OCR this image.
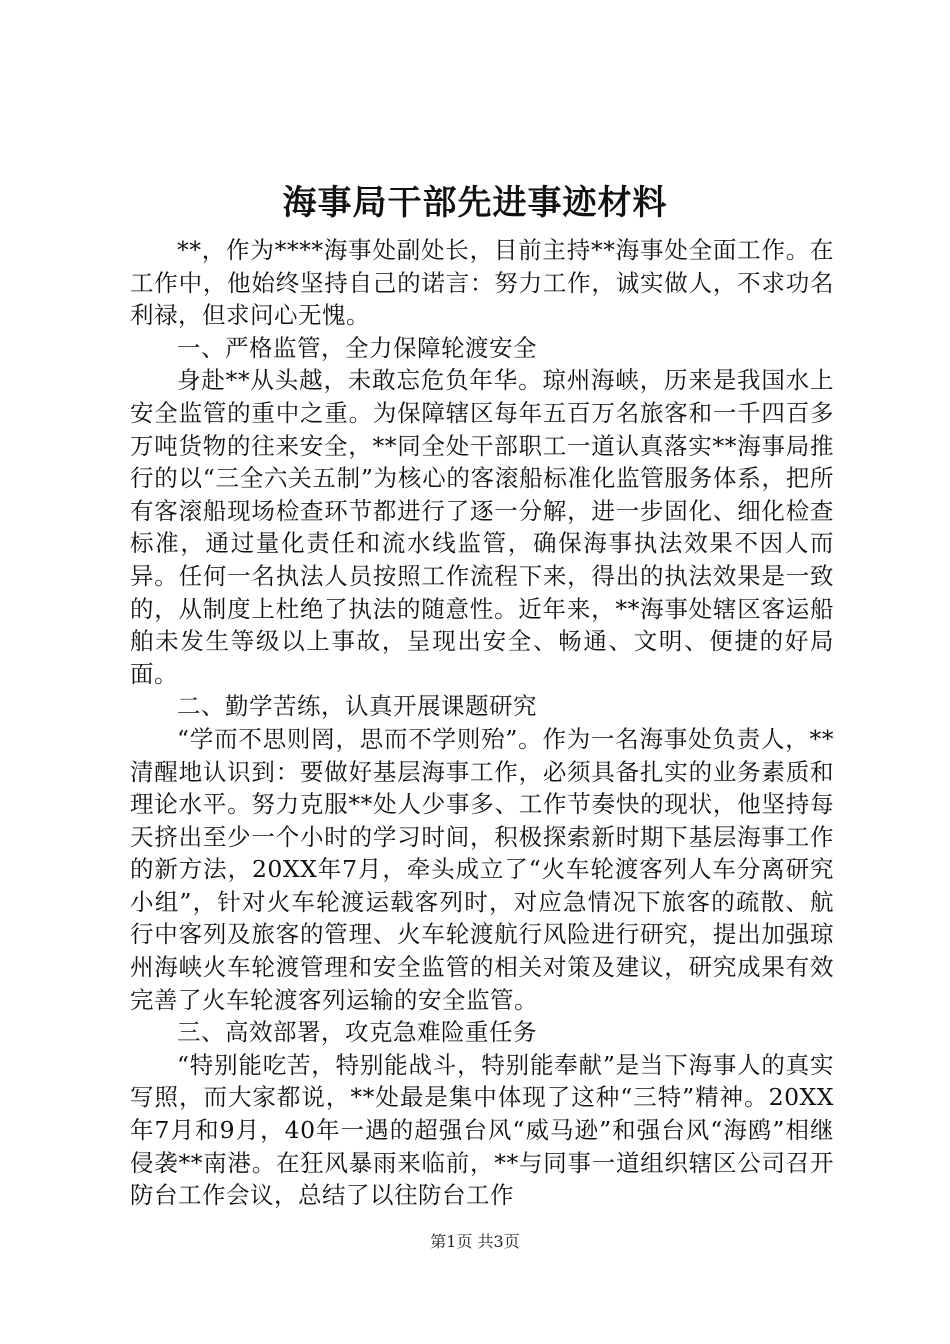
海事局干部先进事迹材料

**，作为****海事处副处长，目前主持**海事处全面工作。在工作中，他始终坚持自己的诺言：努力工作，诚实做人，不求功名利禄，但求问心无愧。

一、严格监管，全力保障轮渡安全

身赴**从头越，未敢忘危负年华。琼州海峡，历来是我国水上安全监管的重中之重。为保障辖区每年五百万名旅客和一千四百多万吨货物的往来安全，**同全处干部职工一道认真落实**海事局推行的以“三全六关五制”为核心的客滚船标准化监管服务体系，把所有客滚船现场检查环节都进行了逐一分解，进一步固化、细化检查标准，通过量化责任和流水线监管，确保海事执法效果不因人而异。任何一名执法人员按照工作流程下来，得出的执法效果是一致的，从制度上杜绝了执法的随意性。近年来，**海事处辖区客运船舶未发生等级以上事故，呈现出安全、畅通、文明、便捷的好局面。

二、勤学苦练，认真开展课题研究

“学而不思则罔，思而不学则殆”。作为一名海事处负责人，**清醒地认识到：要做好基层海事工作，必须具备扎实的业务素质和理论水平。努力克服**处人少事多、工作节奏快的现状，他坚持每天挤出至少一个小时的学习时间，积极探索新时期下基层海事工作的新方法，20XX年7月，牵头成立了“火车轮渡客列人车分离研究小组”，针对火车轮渡运载客列时，对应急情况下旅客的疏散、航行中客列及旅客的管理、火车轮渡航行风险进行研究，提出加强琼州海峡火车轮渡管理和安全监管的相关对策及建议，研究成果有效完善了火车轮渡客列运输的安全监管。

三、高效部署，攻克急难险重任务

“特别能吃苦，特别能战斗，特别能奉献”是当下海事人的真实写照，而大家都说，**处最是集中体现了这种“三特”精神。20XX年7月和9月，40年一遇的超强台风“威马逊”和强台风“海鸥”相继侵袭**南港。在狂风暴雨来临前，**与同事一道组织辖区公司召开防台工作会议，总结了以往防台工作

第1页 共3页
